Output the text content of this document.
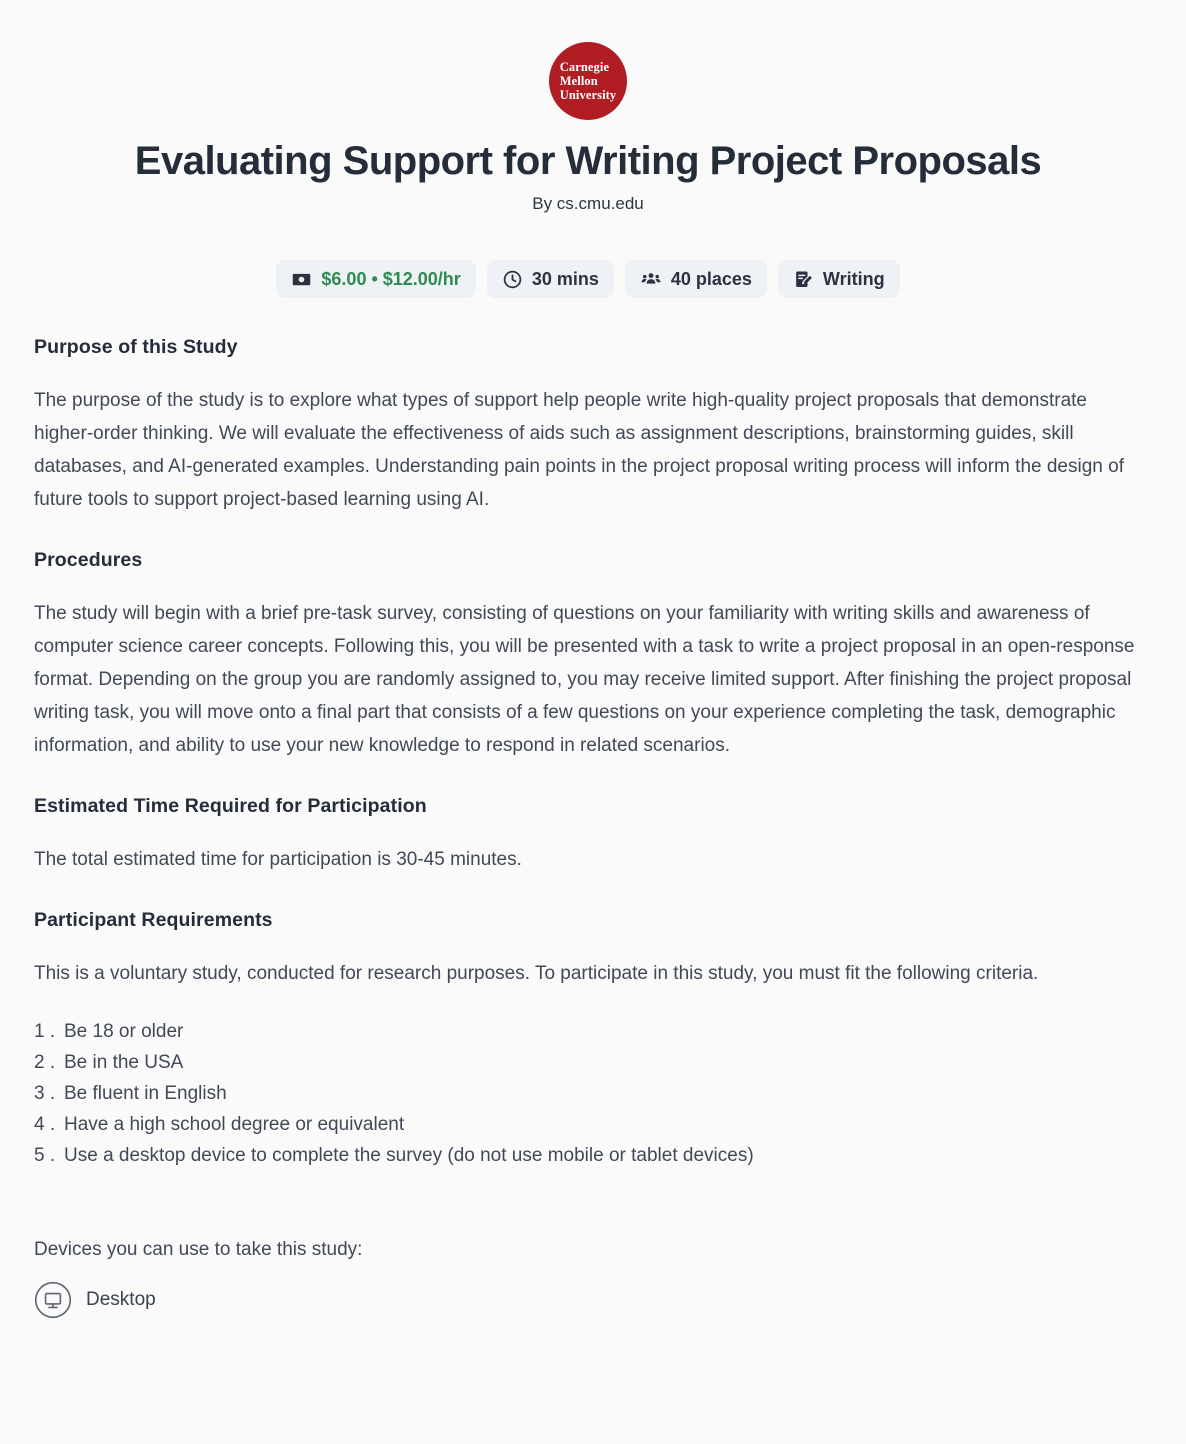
Carnegie
Mellon
University
Evaluating Support for Writing Project Proposals
By cs.cmu.edu
$6.00 • $12.00/hr	30 mins	40 places	Writing
Purpose of this Study

The purpose of the study is to explore what types of support help people write high-quality project proposals that demonstrate higher-order thinking. We will evaluate the effectiveness of aids such as assignment descriptions, brainstorming guides, skill databases, and AI-generated examples. Understanding pain points in the project proposal writing process will inform the design of future tools to support project-based learning using AI.

Procedures

The study will begin with a brief pre-task survey, consisting of questions on your familiarity with writing skills and awareness of computer science career concepts. Following this, you will be presented with a task to write a project proposal in an open-response format. Depending on the group you are randomly assigned to, you may receive limited support. After finishing the project proposal writing task, you will move onto a final part that consists of a few questions on your experience completing the task, demographic information, and ability to use your new knowledge to respond in related scenarios.

Estimated Time Required for Participation

The total estimated time for participation is 30-45 minutes.

Participant Requirements

This is a voluntary study, conducted for research purposes. To participate in this study, you must fit the following criteria.

1 . Be 18 or older
2 . Be in the USA
3 . Be fluent in English
4 . Have a high school degree or equivalent
5 . Use a desktop device to complete the survey (do not use mobile or tablet devices)

Devices you can use to take this study:

Desktop
